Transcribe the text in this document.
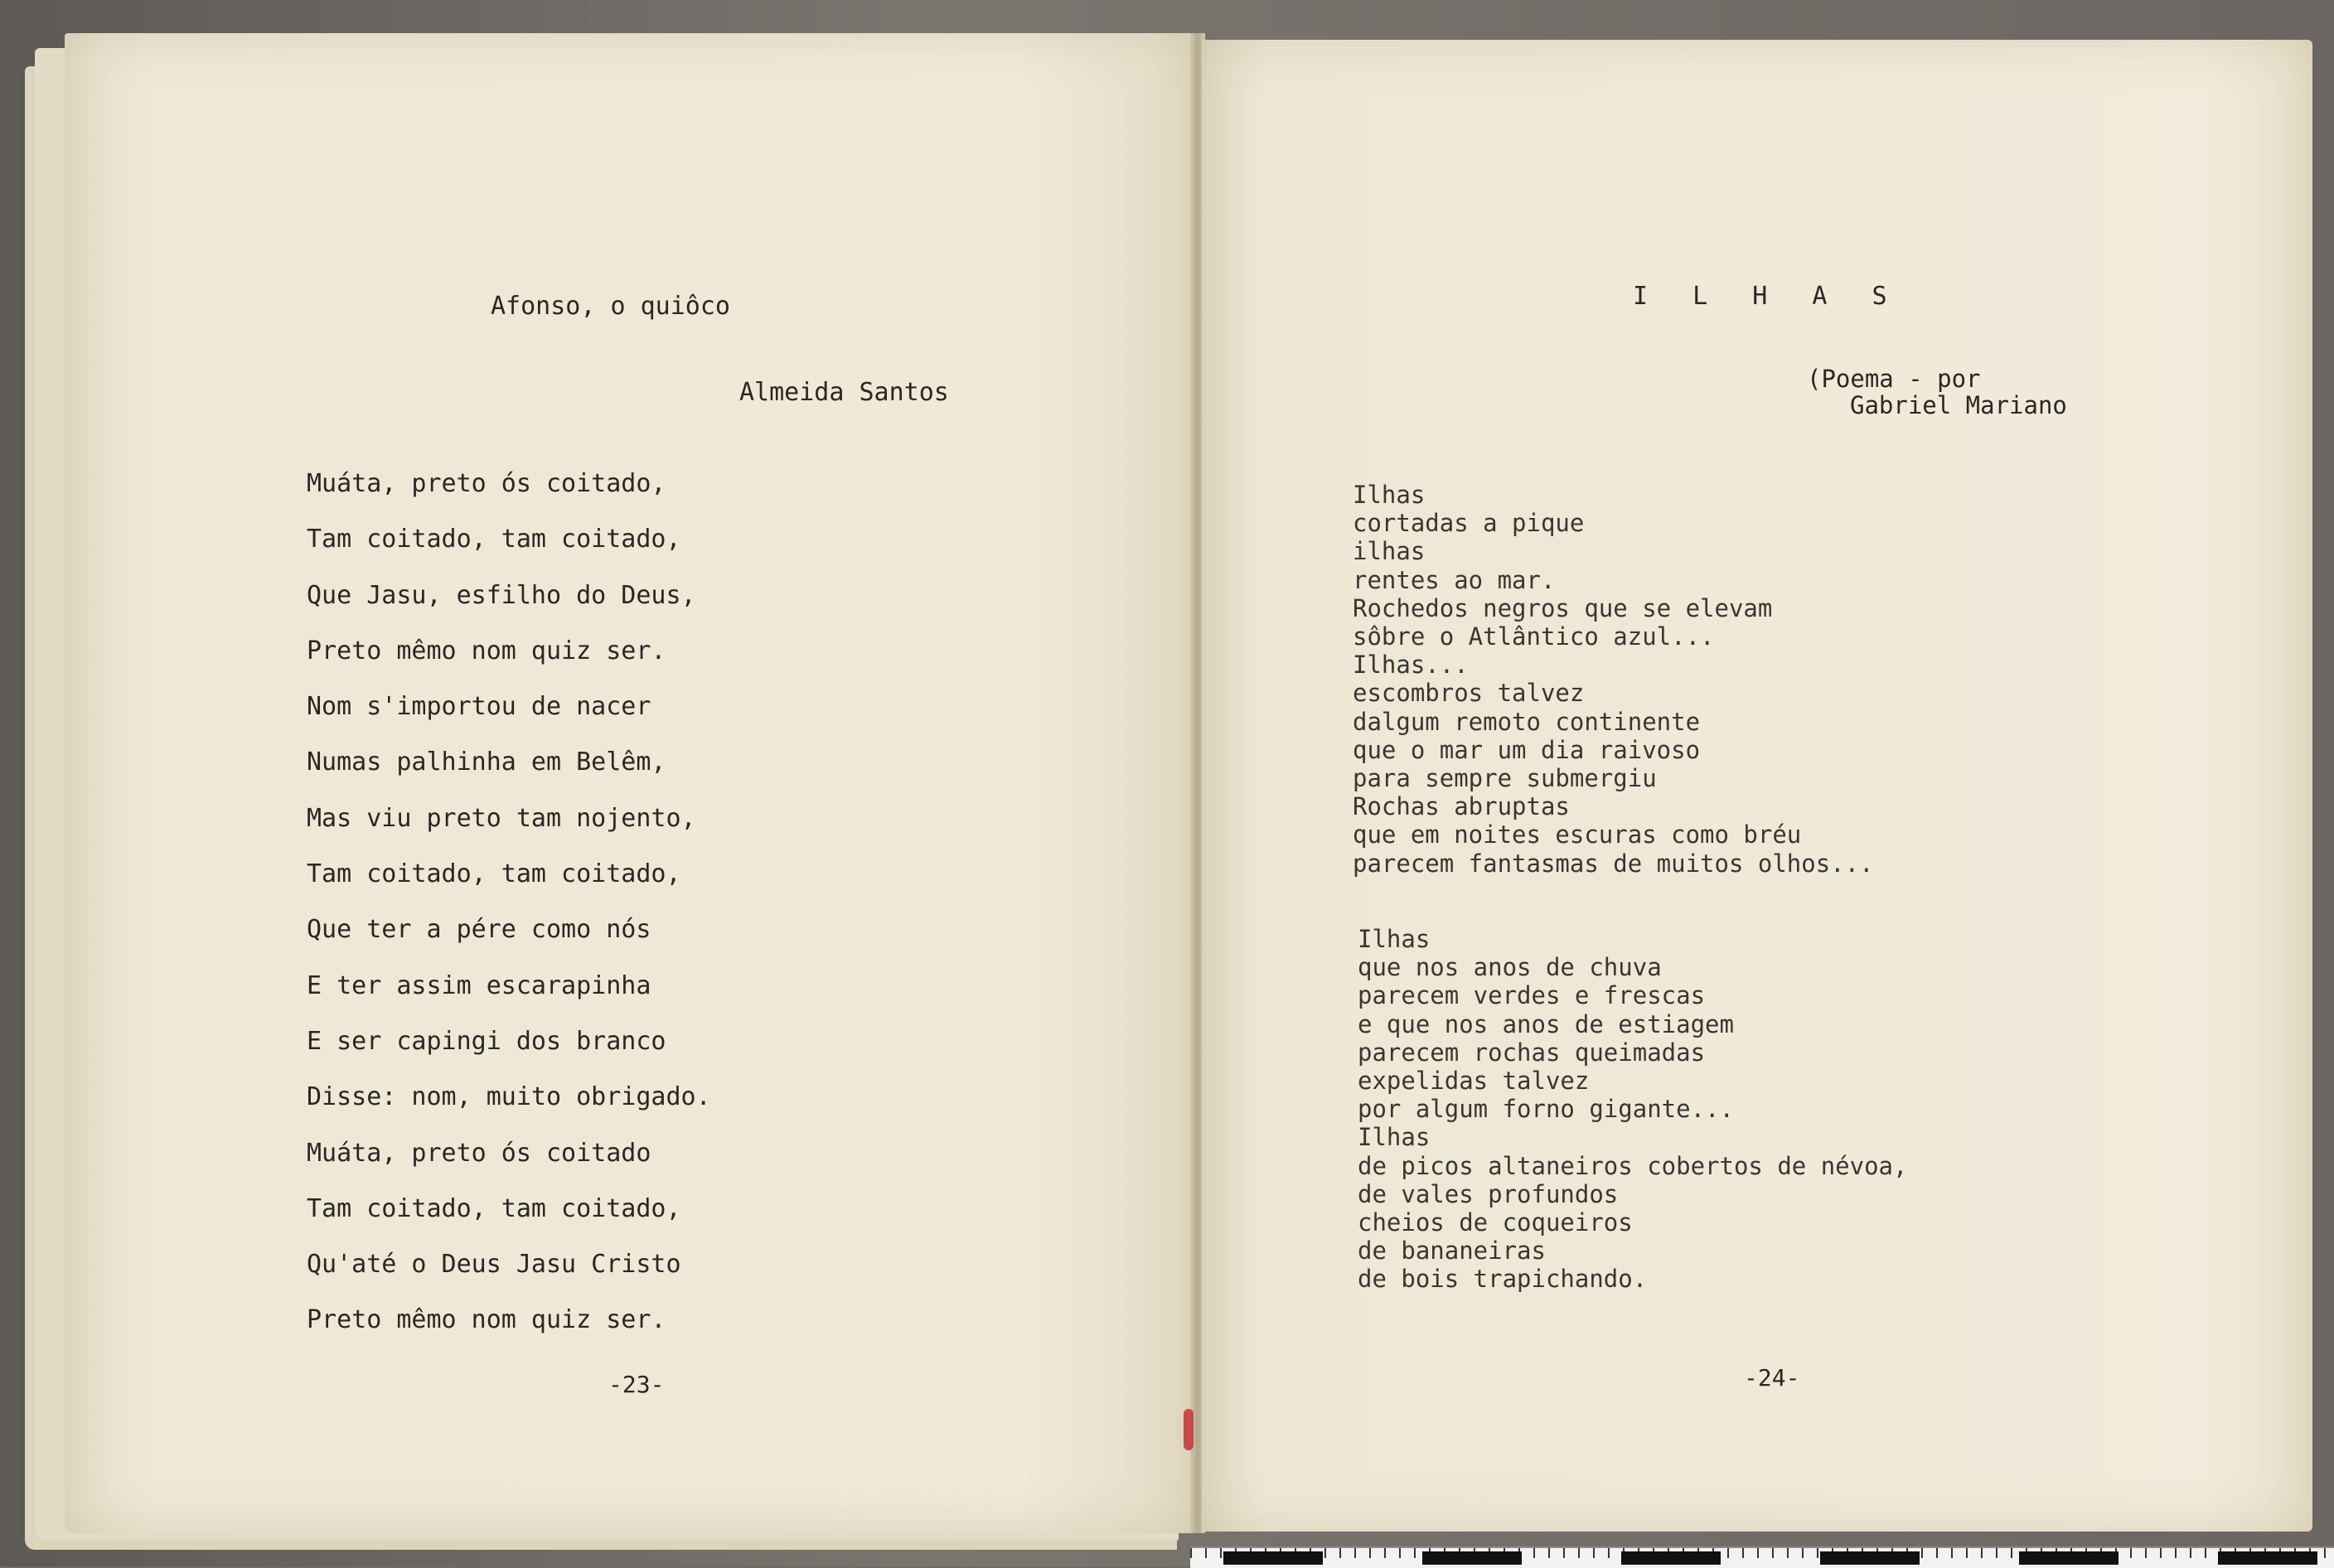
Afonso, o quiôco
Almeida Santos
Muáta, preto ós coitado,
Tam coitado, tam coitado,
Que Jasu, esfilho do Deus,
Preto mêmo nom quiz ser.
Nom s'importou de nacer
Numas palhinha em Belêm,
Mas viu preto tam nojento,
Tam coitado, tam coitado,
Que ter a pére como nós
E ter assim escarapinha
E ser capingi dos branco
Disse: nom, muito obrigado.
Muáta, preto ós coitado
Tam coitado, tam coitado,
Qu'até o Deus Jasu Cristo
Preto mêmo nom quiz ser.
-23-
I L H A S
(Poema - por
Gabriel Mariano
Ilhas
cortadas a pique
ilhas
rentes ao mar.
Rochedos negros que se elevam
sôbre o Atlântico azul...
Ilhas...
escombros talvez
dalgum remoto continente
que o mar um dia raivoso
para sempre submergiu
Rochas abruptas
que em noites escuras como bréu
parecem fantasmas de muitos olhos...
Ilhas
que nos anos de chuva
parecem verdes e frescas
e que nos anos de estiagem
parecem rochas queimadas
expelidas talvez
por algum forno gigante...
Ilhas
de picos altaneiros cobertos de névoa,
de vales profundos
cheios de coqueiros
de bananeiras
de bois trapichando.
-24-
